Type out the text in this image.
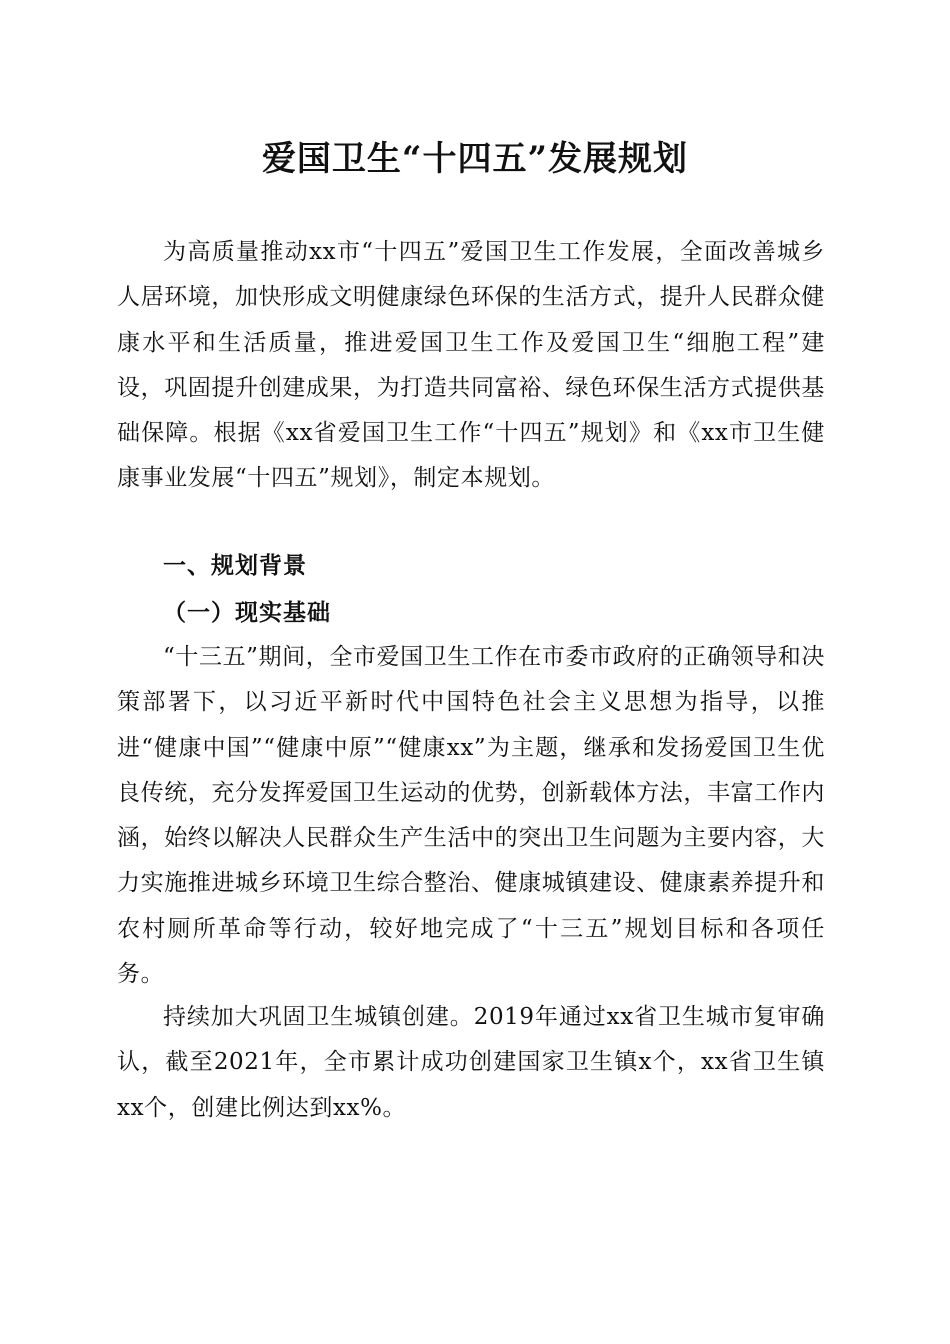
爱国卫生“十四五”发展规划

为高质量推动xx市“十四五”爱国卫生工作发展，全面改善城乡人居环境，加快形成文明健康绿色环保的生活方式，提升人民群众健康水平和生活质量，推进爱国卫生工作及爱国卫生“细胞工程”建设，巩固提升创建成果，为打造共同富裕、绿色环保生活方式提供基础保障。根据《xx省爱国卫生工作“十四五”规划》和《xx市卫生健康事业发展“十四五”规划》，制定本规划。

一、规划背景
（一）现实基础

“十三五”期间，全市爱国卫生工作在市委市政府的正确领导和决策部署下，以习近平新时代中国特色社会主义思想为指导，以推进“健康中国”“健康中原”“健康xx”为主题，继承和发扬爱国卫生优良传统，充分发挥爱国卫生运动的优势，创新载体方法，丰富工作内涵，始终以解决人民群众生产生活中的突出卫生问题为主要内容，大力实施推进城乡环境卫生综合整治、健康城镇建设、健康素养提升和农村厕所革命等行动，较好地完成了“十三五”规划目标和各项任务。

持续加大巩固卫生城镇创建。2019年通过xx省卫生城市复审确认，截至2021年，全市累计成功创建国家卫生镇x个，xx省卫生镇xx个，创建比例达到xx%。
